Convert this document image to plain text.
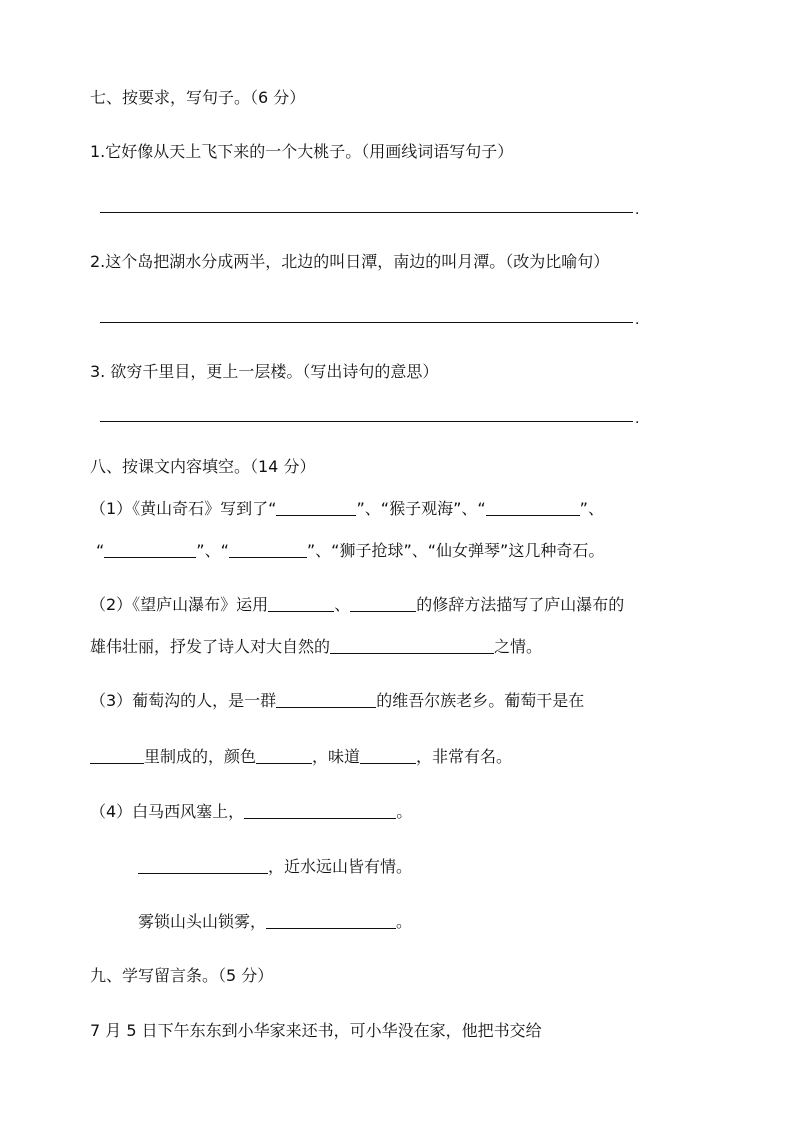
七、按要求，写句子。（6 分）
1.它好像从天上飞下来的一个大桃子。（用画线词语写句子）
.
2.这个岛把湖水分成两半，北边的叫日潭，南边的叫月潭。（改为比喻句）
.
3. 欲穷千里目，更上一层楼。（写出诗句的意思）
.
八、按课文内容填空。（14 分）
（1）《黄山奇石》写到了“	”、“猴子观海”、“	”、
“	”、“	”、“狮子抢球”、“仙女弹琴”这几种奇石。
（2）《望庐山瀑布》运用	、	的修辞方法描写了庐山瀑布的
雄伟壮丽，抒发了诗人对大自然的	之情。
（3）葡萄沟的人，是一群	的维吾尔族老乡。葡萄干是在
里制成的，颜色	，味道	，非常有名。
（4）白马西风塞上，	。
，近水远山皆有情。
雾锁山头山锁雾，	。
九、学写留言条。（5 分）
7 月 5 日下午东东到小华家来还书，可小华没在家，他把书交给
